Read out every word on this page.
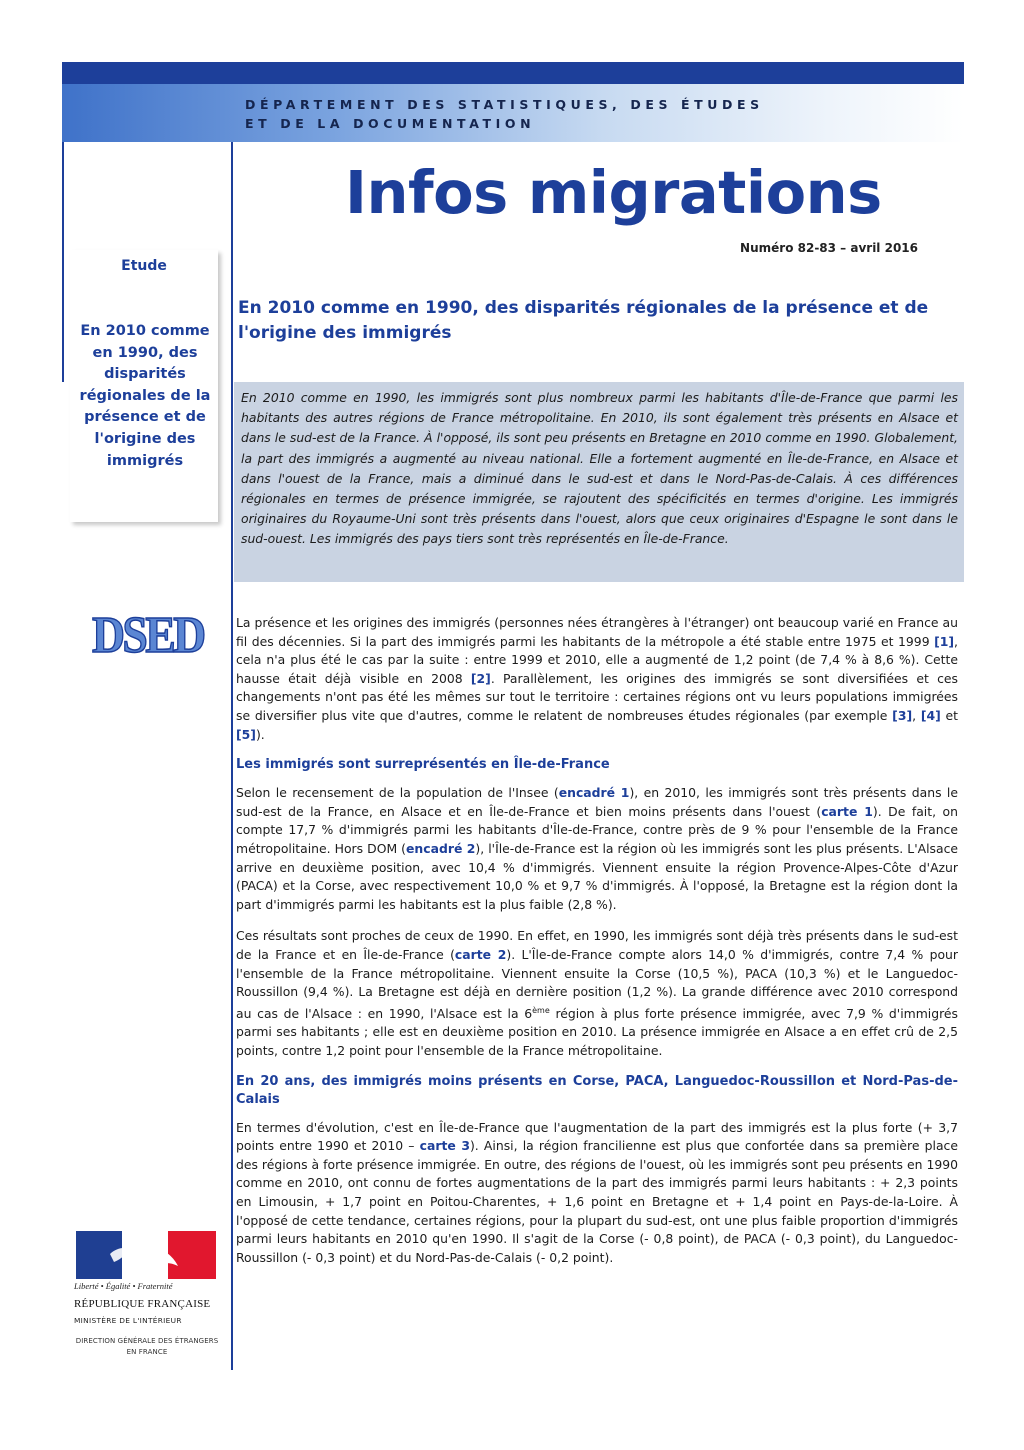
DÉPARTEMENT DES STATISTIQUES, DES ÉTUDES
ET DE LA DOCUMENTATION
Infos migrations
Numéro 82-83 – avril 2016
Etude
En 2010 comme en 1990, des disparités régionales de la présence et de l'origine des immigrés
DSED
En 2010 comme en 1990, des disparités régionales de la présence et de l'origine des immigrés

En 2010 comme en 1990, les immigrés sont plus nombreux parmi les habitants d'Île-de-France que parmi les habitants des autres régions de France métropolitaine. En 2010, ils sont également très présents en Alsace et dans le sud-est de la France. À l'opposé, ils sont peu présents en Bretagne en 2010 comme en 1990. Globalement, la part des immigrés a augmenté au niveau national. Elle a fortement augmenté en Île-de-France, en Alsace et dans l'ouest de la France, mais a diminué dans le sud-est et dans le Nord-Pas-de-Calais. À ces différences régionales en termes de présence immigrée, se rajoutent des spécificités en termes d'origine. Les immigrés originaires du Royaume-Uni sont très présents dans l'ouest, alors que ceux originaires d'Espagne le sont dans le sud-ouest. Les immigrés des pays tiers sont très représentés en Île-de-France.

La présence et les origines des immigrés (personnes nées étrangères à l'étranger) ont beaucoup varié en France au fil des décennies. Si la part des immigrés parmi les habitants de la métropole a été stable entre 1975 et 1999 [1], cela n'a plus été le cas par la suite : entre 1999 et 2010, elle a augmenté de 1,2 point (de 7,4 % à 8,6 %). Cette hausse était déjà visible en 2008 [2]. Parallèlement, les origines des immigrés se sont diversifiées et ces changements n'ont pas été les mêmes sur tout le territoire : certaines régions ont vu leurs populations immigrées se diversifier plus vite que d'autres, comme le relatent de nombreuses études régionales (par exemple [3], [4] et [5]).

Les immigrés sont surreprésentés en Île-de-France

Selon le recensement de la population de l'Insee (encadré 1), en 2010, les immigrés sont très présents dans le sud-est de la France, en Alsace et en Île-de-France et bien moins présents dans l'ouest (carte 1). De fait, on compte 17,7 % d'immigrés parmi les habitants d'Île-de-France, contre près de 9 % pour l'ensemble de la France métropolitaine. Hors DOM (encadré 2), l'Île-de-France est la région où les immigrés sont les plus présents. L'Alsace arrive en deuxième position, avec 10,4 % d'immigrés. Viennent ensuite la région Provence-Alpes-Côte d'Azur (PACA) et la Corse, avec respectivement 10,0 % et 9,7 % d'immigrés. À l'opposé, la Bretagne est la région dont la part d'immigrés parmi les habitants est la plus faible (2,8 %).

Ces résultats sont proches de ceux de 1990. En effet, en 1990, les immigrés sont déjà très présents dans le sud-est de la France et en Île-de-France (carte 2). L'Île-de-France compte alors 14,0 % d'immigrés, contre 7,4 % pour l'ensemble de la France métropolitaine. Viennent ensuite la Corse (10,5 %), PACA (10,3 %) et le Languedoc-Roussillon (9,4 %). La Bretagne est déjà en dernière position (1,2 %). La grande différence avec 2010 correspond au cas de l'Alsace : en 1990, l'Alsace est la 6ème région à plus forte présence immigrée, avec 7,9 % d'immigrés parmi ses habitants ; elle est en deuxième position en 2010. La présence immigrée en Alsace a en effet crû de 2,5 points, contre 1,2 point pour l'ensemble de la France métropolitaine.

En 20 ans, des immigrés moins présents en Corse, PACA, Languedoc-Roussillon et Nord-Pas-de-Calais

En termes d'évolution, c'est en Île-de-France que l'augmentation de la part des immigrés est la plus forte (+ 3,7 points entre 1990 et 2010 – carte 3). Ainsi, la région francilienne est plus que confortée dans sa première place des régions à forte présence immigrée. En outre, des régions de l'ouest, où les immigrés sont peu présents en 1990 comme en 2010, ont connu de fortes augmentations de la part des immigrés parmi leurs habitants : + 2,3 points en Limousin, + 1,7 point en Poitou-Charentes, + 1,6 point en Bretagne et + 1,4 point en Pays-de-la-Loire. À l'opposé de cette tendance, certaines régions, pour la plupart du sud-est, ont une plus faible proportion d'immigrés parmi leurs habitants en 2010 qu'en 1990. Il s'agit de la Corse (- 0,8 point), de PACA (- 0,3 point), du Languedoc-Roussillon (- 0,3 point) et du Nord-Pas-de-Calais (- 0,2 point).

Liberté • Égalité • Fraternité
RÉPUBLIQUE FRANÇAISE
MINISTÈRE DE L'INTÉRIEUR
DIRECTION GÉNÉRALE DES ÉTRANGERS EN FRANCE
